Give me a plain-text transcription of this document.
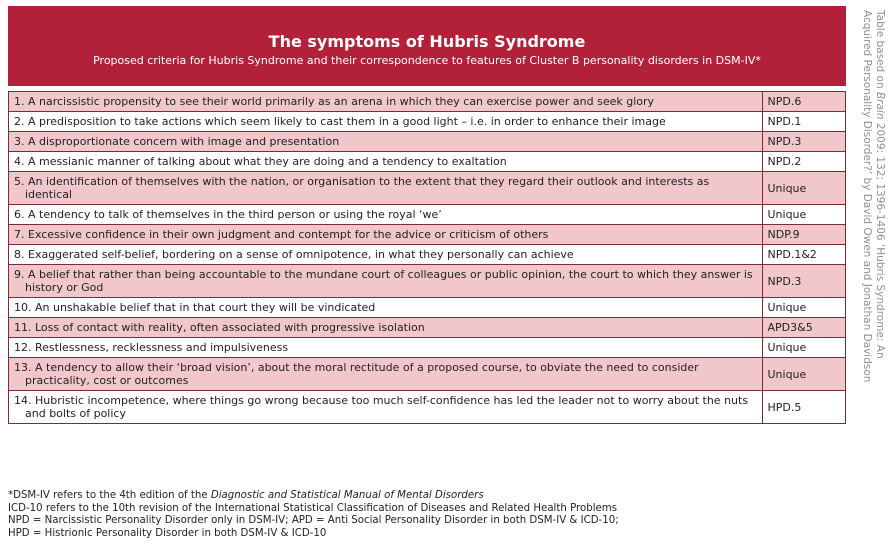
The symptoms of Hubris Syndrome
Proposed criteria for Hubris Syndrome and their correspondence to features of Cluster B personality disorders in DSM-IV*
1. A narcissistic propensity to see their world primarily as an arena in which they can exercise power and seek glory	NPD.6

2. A predisposition to take actions which seem likely to cast them in a good light – i.e. in order to enhance their image	NPD.1

3. A disproportionate concern with image and presentation	NPD.3

4. A messianic manner of talking about what they are doing and a tendency to exaltation	NPD.2

5. An identification of themselves with the nation, or organisation to the extent that they regard their outlook and interests as identical	Unique

6. A tendency to talk of themselves in the third person or using the royal ‘we’	Unique

7. Excessive confidence in their own judgment and contempt for the advice or criticism of others	NDP.9

8. Exaggerated self-belief, bordering on a sense of omnipotence, in what they personally can achieve	NPD.1&2

9. A belief that rather than being accountable to the mundane court of colleagues or public opinion, the court to which they answer is history or God	NPD.3

10. An unshakable belief that in that court they will be vindicated	Unique

11. Loss of contact with reality, often associated with progressive isolation	APD3&5

12. Restlessness, recklessness and impulsiveness	Unique

13. A tendency to allow their ‘broad vision’, about the moral rectitude of a proposed course, to obviate the need to consider practicality, cost or outcomes	Unique

14. Hubristic incompetence, where things go wrong because too much self-confidence has led the leader not to worry about the nuts and bolts of policy	HPD.5
*DSM-IV refers to the 4th edition of the Diagnostic and Statistical Manual of Mental Disorders
ICD-10 refers to the 10th revision of the International Statistical Classification of Diseases and Related Health Problems
NPD = Narcissistic Personality Disorder only in DSM-IV; APD = Anti Social Personality Disorder in both DSM-IV & ICD-10;
HPD = Histrionic Personality Disorder in both DSM-IV & ICD-10
Table based on Brain 2009: 132; 1396-1406 ‘Hubris Syndrome: An
Acquired Personality Disorder?’ by David Owen and Jonathan Davidson
